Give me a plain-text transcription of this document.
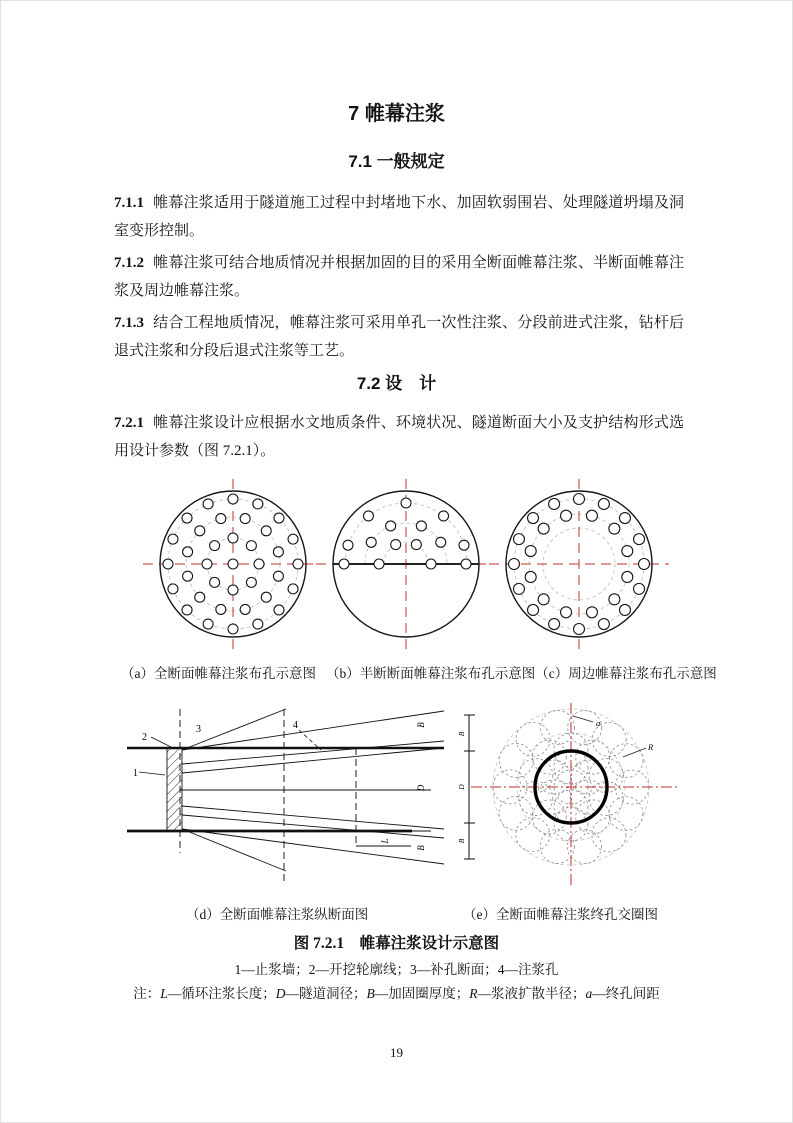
7 帷幕注浆
7.1 一般规定

7.1.1 帷幕注浆适用于隧道施工过程中封堵地下水、加固软弱围岩、处理隧道坍塌及洞室变形控制。

7.1.2 帷幕注浆可结合地质情况并根据加固的目的采用全断面帷幕注浆、半断面帷幕注浆及周边帷幕注浆。

7.1.3 结合工程地质情况，帷幕注浆可采用单孔一次性注浆、分段前进式注浆，钻杆后退式注浆和分段后退式注浆等工艺。

7.2 设　计

7.2.1 帷幕注浆设计应根据水文地质条件、环境状况、隧道断面大小及支护结构形式选用设计参数（图 7.2.1）。

（a）全断面帷幕注浆布孔示意图 （b）半断断面帷幕注浆布孔示意图（c）周边帷幕注浆布孔示意图
1
2
3	4	B
D
B
L
B
D
B
a
R
（d）全断面帷幕注浆纵断面图	（e）全断面帷幕注浆终孔交圈图

图 7.2.1　帷幕注浆设计示意图

1—止浆墙；2—开挖轮廓线；3—补孔断面；4—注浆孔
注：L—循环注浆长度；D—隧道洞径；B—加固圈厚度；R—浆液扩散半径；a—终孔间距
19
